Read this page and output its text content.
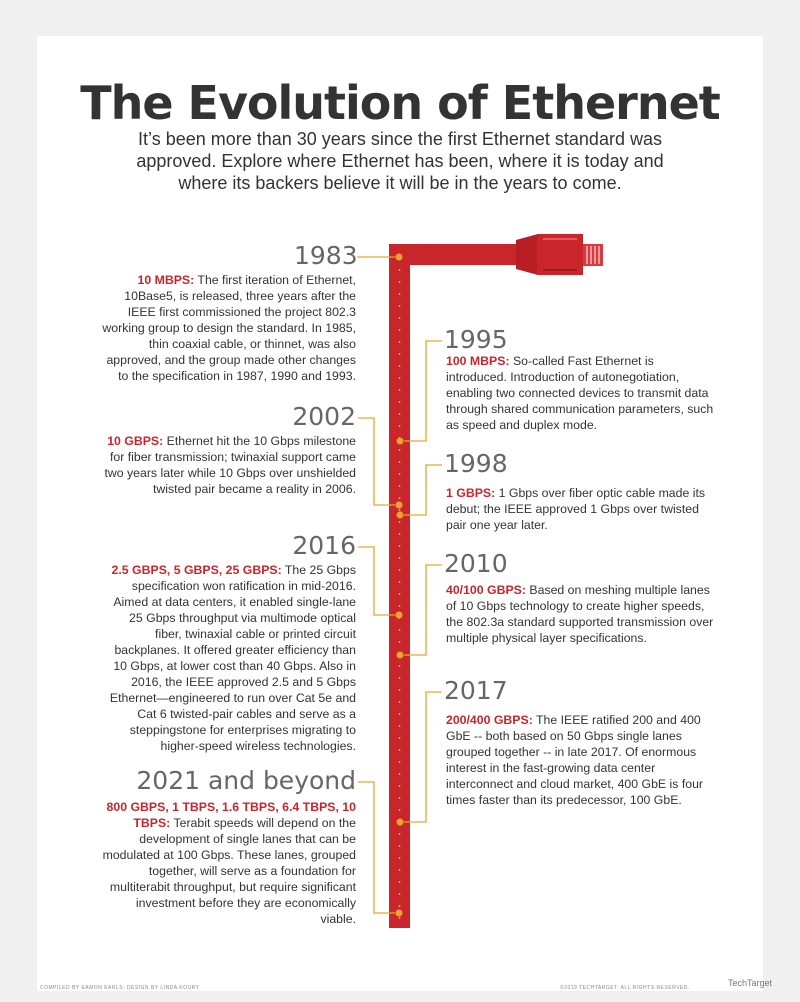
The Evolution of Ethernet
It’s been more than 30 years since the first Ethernet standard was approved. Explore where Ethernet has been, where it is today and where its backers believe it will be in the years to come.
1983
10 MBPS: The first iteration of Ethernet, 10Base5, is released, three years after the IEEE first commissioned the project 802.3 working group to design the standard. In 1985, thin coaxial cable, or thinnet, was also approved, and the group made other changes to the specification in 1987, 1990 and 1993.
1995
100 MBPS: So-called Fast Ethernet is introduced. Introduction of autonegotiation, enabling two connected devices to transmit data through shared communication parameters, such as speed and duplex mode.
2002
10 GBPS: Ethernet hit the 10 Gbps milestone for fiber transmission; twinaxial support came two years later while 10 Gbps over unshielded twisted pair became a reality in 2006.
1998
1 GBPS: 1 Gbps over fiber optic cable made its debut; the IEEE approved 1 Gbps over twisted pair one year later.
2016
2.5 GBPS, 5 GBPS, 25 GBPS: The 25 Gbps specification won ratification in mid-2016. Aimed at data centers, it enabled single-lane 25 Gbps throughput via multimode optical fiber, twinaxial cable or printed circuit backplanes. It offered greater efficiency than 10 Gbps, at lower cost than 40 Gbps. Also in 2016, the IEEE approved 2.5 and 5 Gbps Ethernet—engineered to run over Cat 5e and Cat 6 twisted-pair cables and serve as a steppingstone for enterprises migrating to higher-speed wireless technologies.
2010
40/100 GBPS: Based on meshing multiple lanes of 10 Gbps technology to create higher speeds, the 802.3a standard supported transmission over multiple physical layer specifications.
2017
200/400 GBPS: The IEEE ratified 200 and 400 GbE -- both based on 50 Gbps single lanes grouped together -- in late 2017. Of enormous interest in the fast-growing data center interconnect and cloud market, 400 GbE is four times faster than its predecessor, 100 GbE.
2021 and beyond
800 GBPS, 1 TBPS, 1.6 TBPS, 6.4 TBPS, 10 TBPS: Terabit speeds will depend on the development of single lanes that can be modulated at 100 Gbps. These lanes, grouped together, will serve as a foundation for multiterabit throughput, but require significant investment before they are economically viable.
COMPILED BY EAMON EARLS; DESIGN BY LINDA KOURY	©2019 TECHTARGET. ALL RIGHTS RESERVED.	TechTarget
